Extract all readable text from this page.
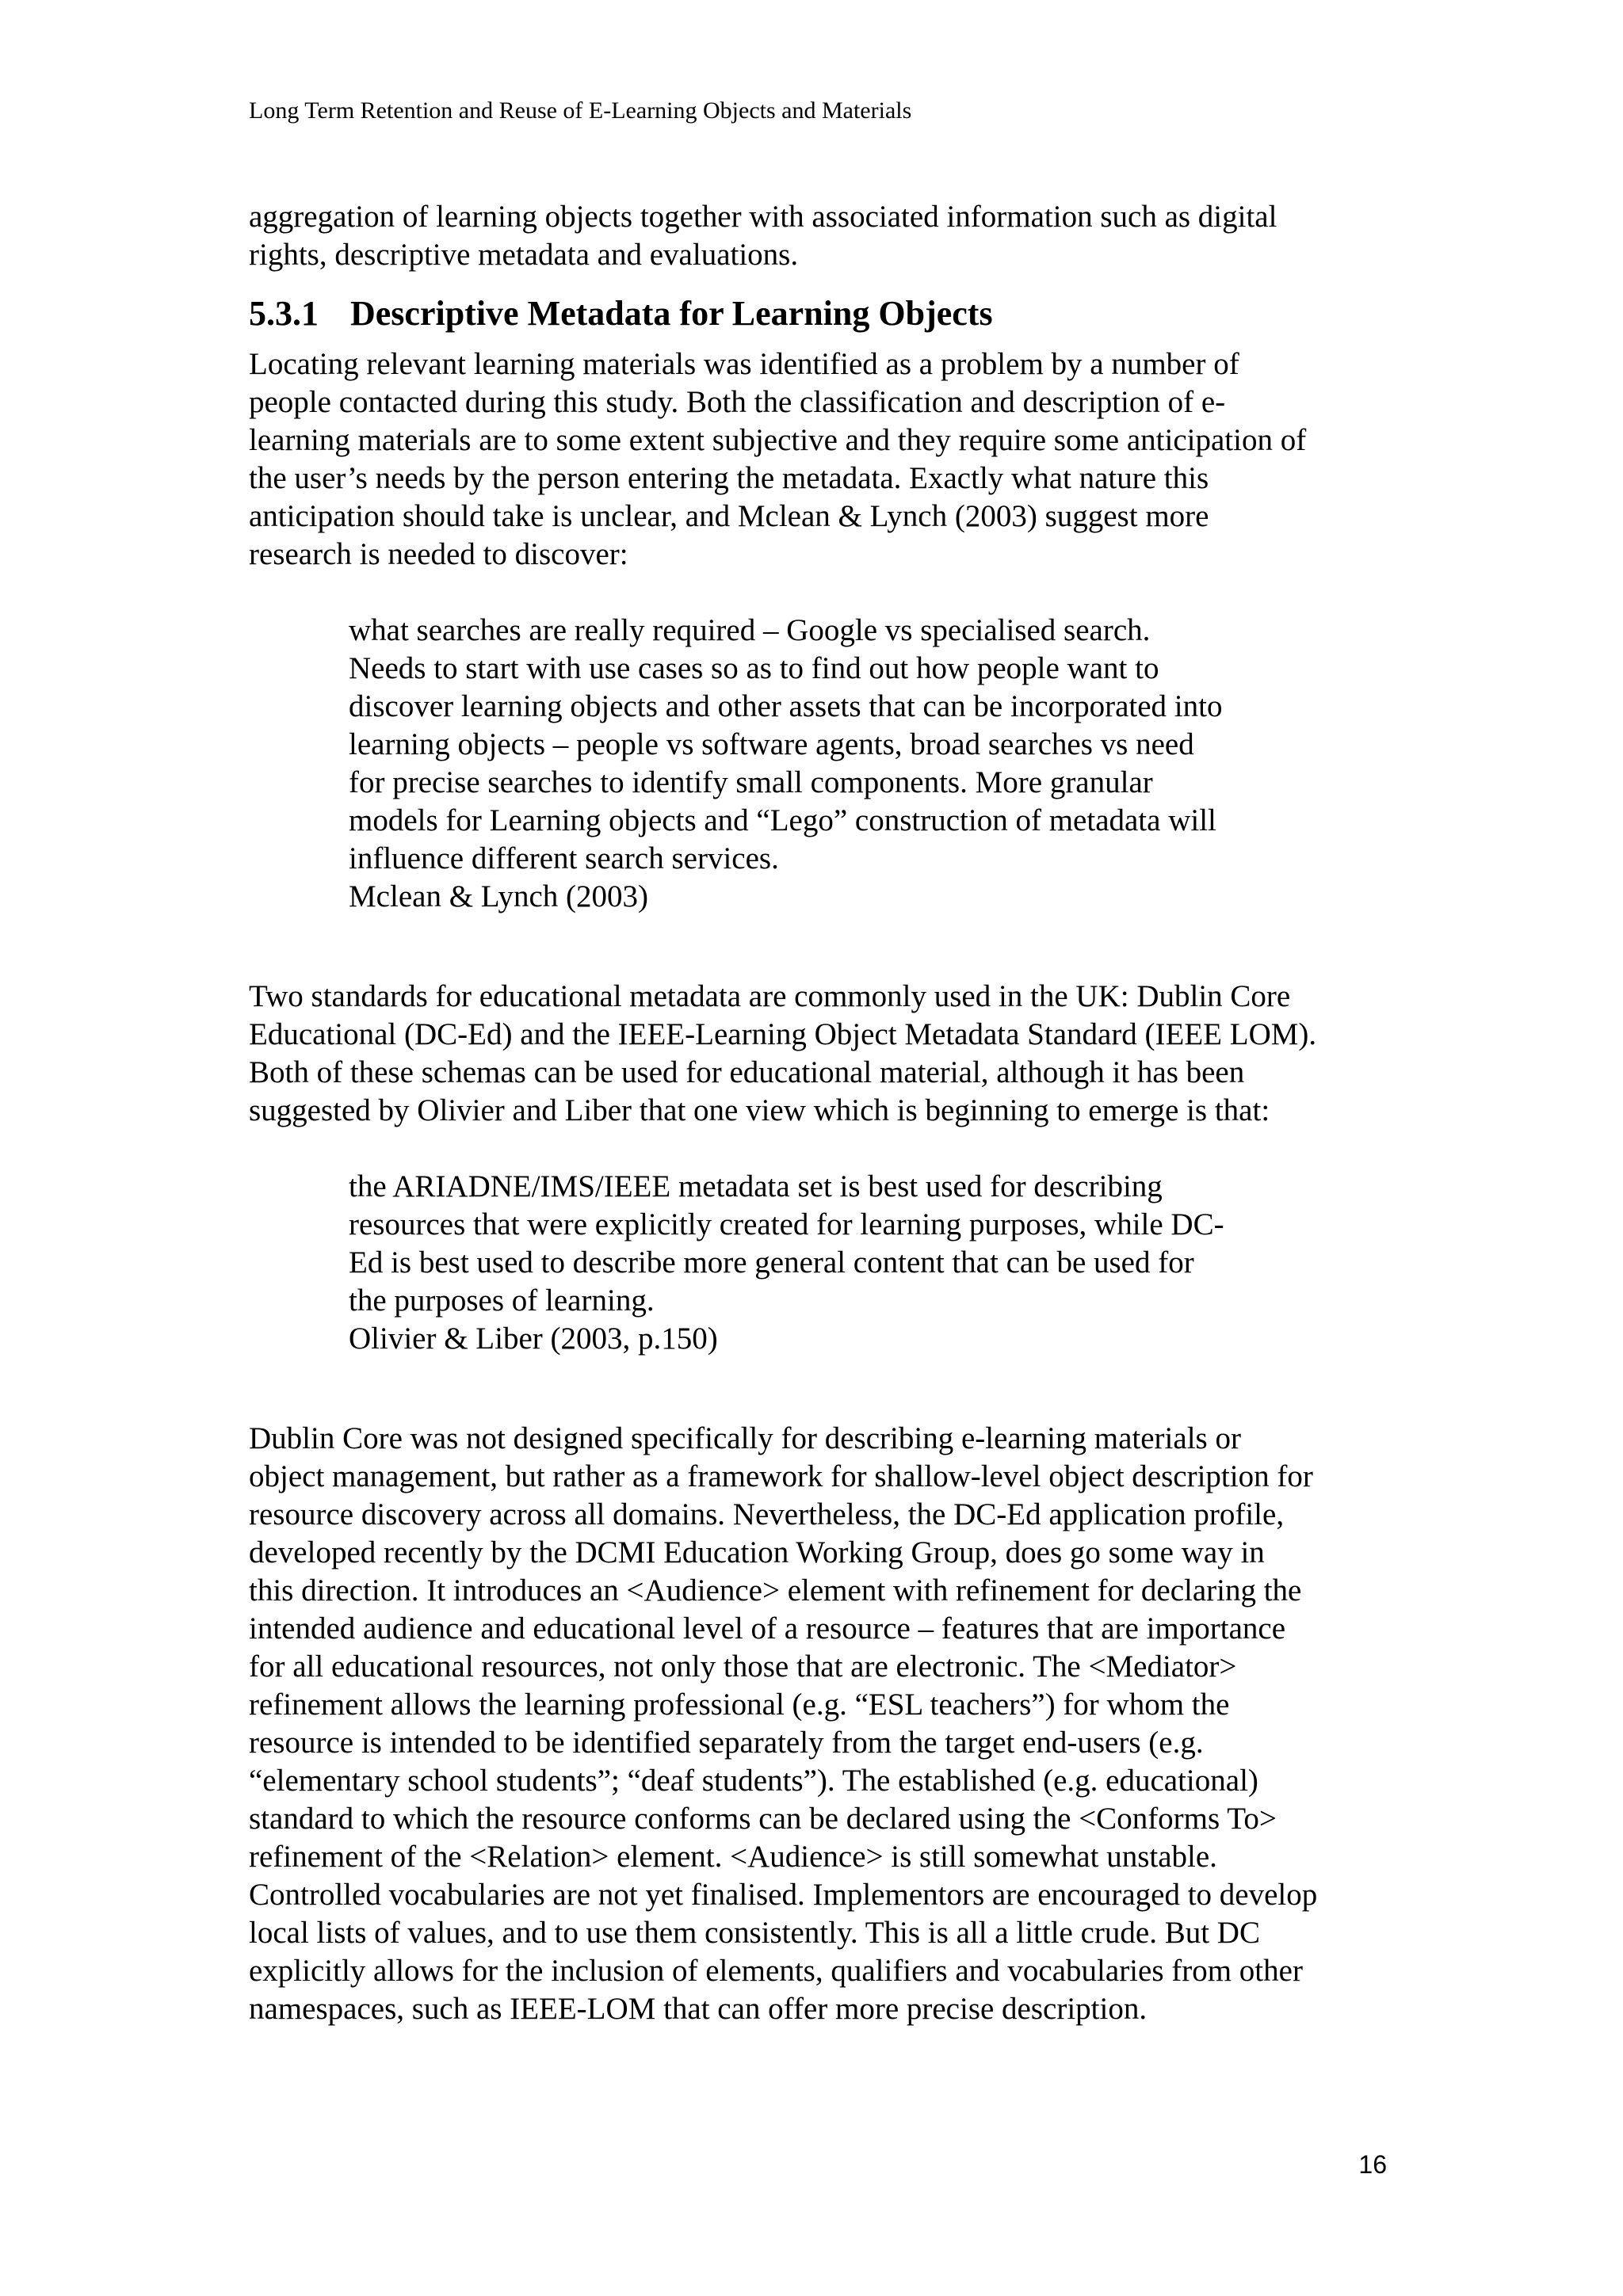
Long Term Retention and Reuse of E-Learning Objects and Materials
aggregation of learning objects together with associated information such as digital
rights, descriptive metadata and evaluations.
5.3.1 Descriptive Metadata for Learning Objects
Locating relevant learning materials was identified as a problem by a number of
people contacted during this study. Both the classification and description of e-
learning materials are to some extent subjective and they require some anticipation of
the user’s needs by the person entering the metadata. Exactly what nature this
anticipation should take is unclear, and Mclean & Lynch (2003) suggest more
research is needed to discover:
what searches are really required – Google vs specialised search.
Needs to start with use cases so as to find out how people want to
discover learning objects and other assets that can be incorporated into
learning objects – people vs software agents, broad searches vs need
for precise searches to identify small components. More granular
models for Learning objects and “Lego” construction of metadata will
influence different search services.
Mclean & Lynch (2003)
Two standards for educational metadata are commonly used in the UK: Dublin Core
Educational (DC-Ed) and the IEEE-Learning Object Metadata Standard (IEEE LOM).
Both of these schemas can be used for educational material, although it has been
suggested by Olivier and Liber that one view which is beginning to emerge is that:
the ARIADNE/IMS/IEEE metadata set is best used for describing
resources that were explicitly created for learning purposes, while DC-
Ed is best used to describe more general content that can be used for
the purposes of learning.
Olivier & Liber (2003, p.150)
Dublin Core was not designed specifically for describing e-learning materials or
object management, but rather as a framework for shallow-level object description for
resource discovery across all domains. Nevertheless, the DC-Ed application profile,
developed recently by the DCMI Education Working Group, does go some way in
this direction. It introduces an <Audience> element with refinement for declaring the
intended audience and educational level of a resource – features that are importance
for all educational resources, not only those that are electronic. The <Mediator>
refinement allows the learning professional (e.g. “ESL teachers”) for whom the
resource is intended to be identified separately from the target end-users (e.g.
“elementary school students”; “deaf students”). The established (e.g. educational)
standard to which the resource conforms can be declared using the <Conforms To>
refinement of the <Relation> element. <Audience> is still somewhat unstable.
Controlled vocabularies are not yet finalised. Implementors are encouraged to develop
local lists of values, and to use them consistently. This is all a little crude. But DC
explicitly allows for the inclusion of elements, qualifiers and vocabularies from other
namespaces, such as IEEE-LOM that can offer more precise description.
16
